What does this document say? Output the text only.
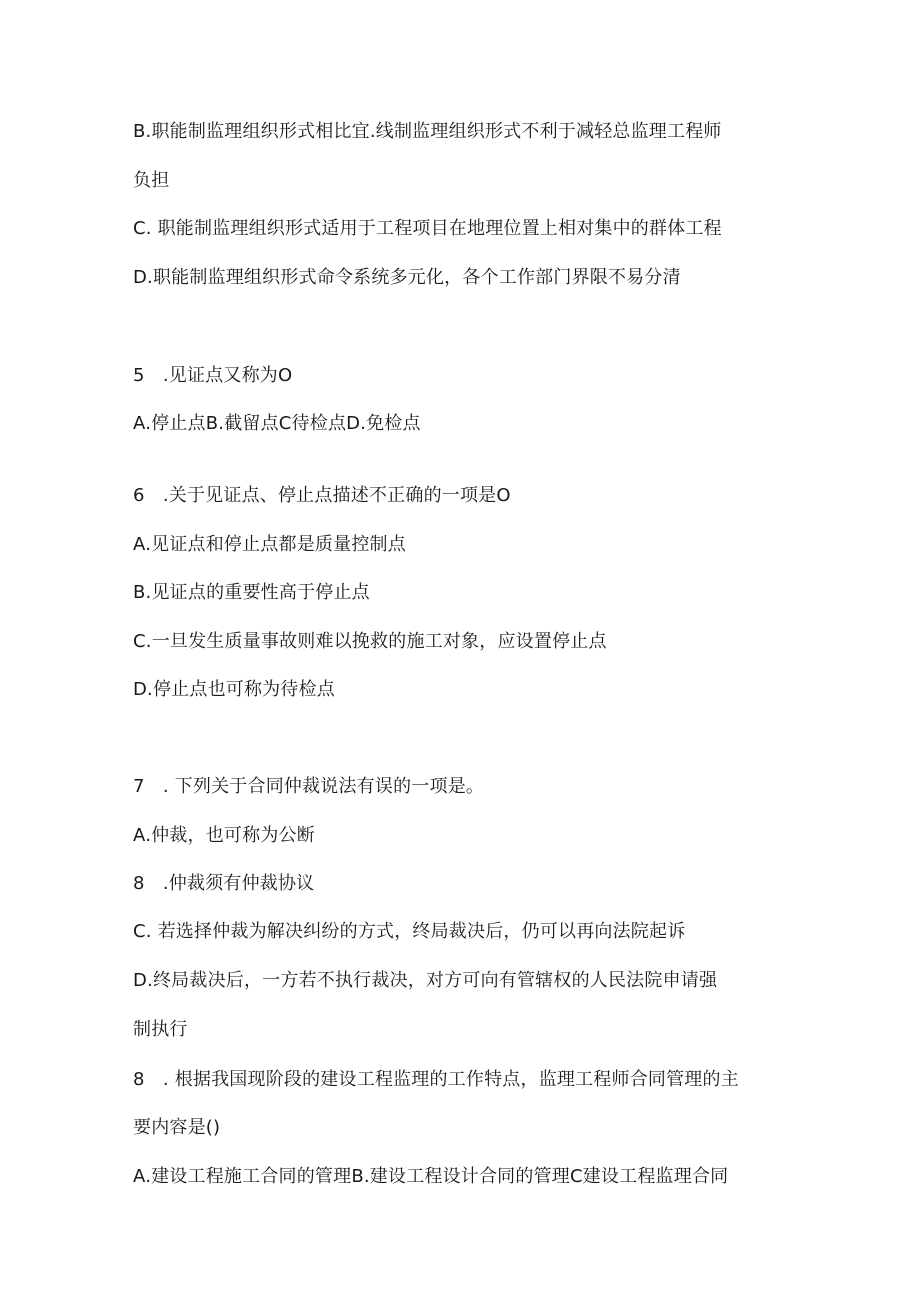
B.职能制监理组织形式相比宜.线制监理组织形式不利于减轻总监理工程师
负担
C. 职能制监理组织形式适用于工程项目在地理位置上相对集中的群体工程
D.职能制监理组织形式命令系统多元化，各个工作部门界限不易分清
5　.见证点又称为O
A.停止点B.截留点C待检点D.免检点
6　.关于见证点、停止点描述不正确的一项是O
A.见证点和停止点都是质量控制点
B.见证点的重要性高于停止点
C.一旦发生质量事故则难以挽救的施工对象，应设置停止点
D.停止点也可称为待检点
7　. 下列关于合同仲裁说法有误的一项是。
A.仲裁，也可称为公断
8　.仲裁须有仲裁协议
C. 若选择仲裁为解决纠纷的方式，终局裁决后，仍可以再向法院起诉
D.终局裁决后，一方若不执行裁决，对方可向有管辖权的人民法院申请强
制执行
8　. 根据我国现阶段的建设工程监理的工作特点，监理工程师合同管理的主
要内容是()
A.建设工程施工合同的管理B.建设工程设计合同的管理C建设工程监理合同
